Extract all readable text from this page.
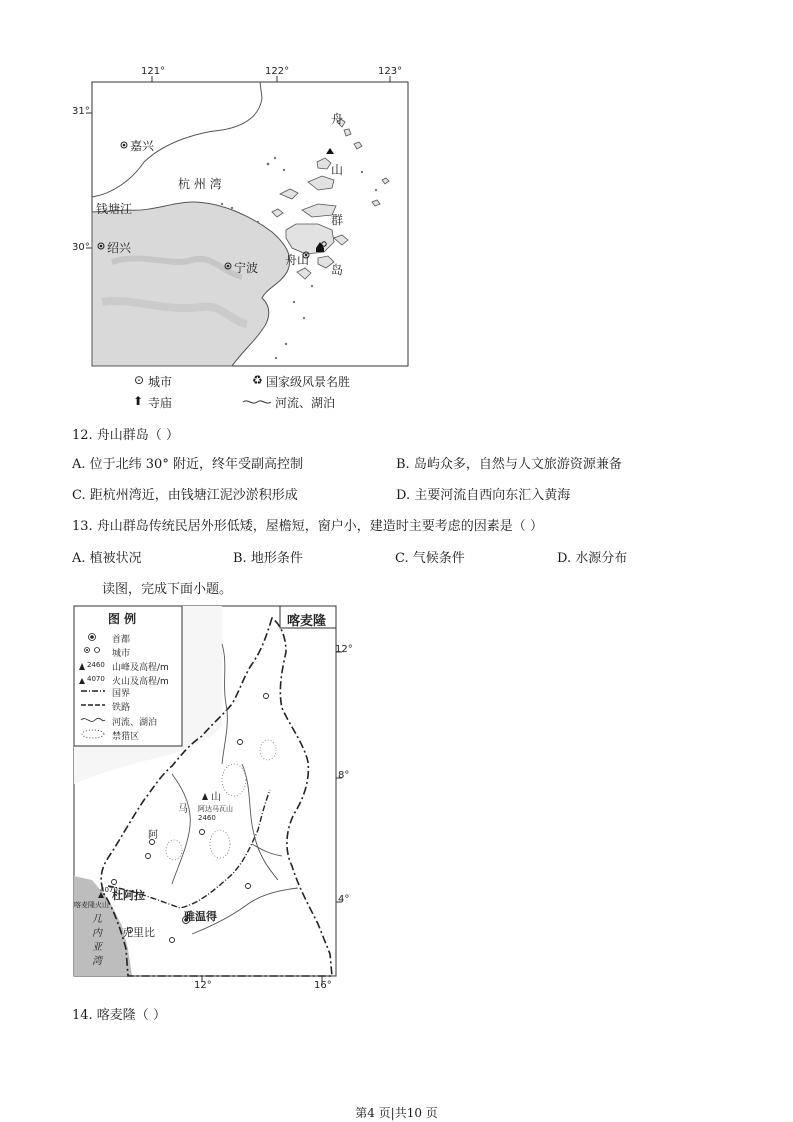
121°	122°	123°
31°
30°
嘉兴
杭 州 湾
钱塘江
绍兴
宁波
舟山
舟
山
群
岛
⊙ 城市	♻ 国家级风景名胜
⬆ 寺庙	河流、湖泊
12. 舟山群岛（ ）
A. 位于北纬 30° 附近，终年受副高控制	B. 岛屿众多，自然与人文旅游资源兼备
C. 距杭州湾近，由钱塘江泥沙淤积形成	D. 主要河流自西向东汇入黄海
13. 舟山群岛传统民居外形低矮，屋檐短，窗户小，建造时主要考虑的因素是（ ）
A. 植被状况	B. 地形条件	C. 气候条件	D. 水源分布
读图，完成下面小题。
喀麦隆
图 例
首都
城市
2460 山峰及高程/m
4070 火山及高程/m
国界
铁路
河流、湖泊
禁猎区
12°
8°
4°
12°	16°
山
马 阿达马瓦山
2460
阿
4070
喀麦隆火山
杜阿拉
雅温得
克里比
几
内
亚
湾
14. 喀麦隆（ ）
第4 页|共10 页
